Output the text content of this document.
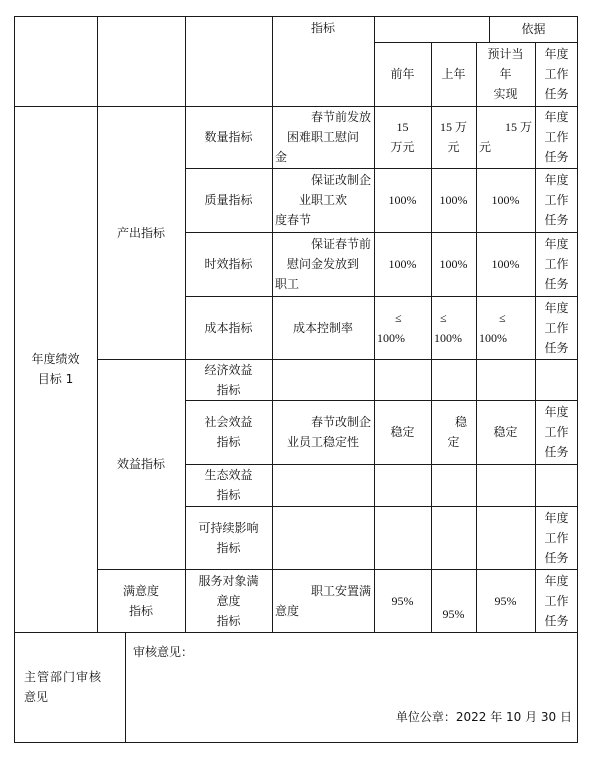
指标	依据
前年 上年
预计当
年
实现
年度
工作
任务
年度绩效
目标 1
产出指标
数量指标
春节前发放
困难职工慰问
金
15
万元
15 万
元
15 万
元
年度
工作
任务
质量指标
保证改制企
业职工欢
度春节
100% 100% 100%
年度
工作
任务
时效指标
保证春节前
慰问金发放到
职工
100% 100% 100%
年度
工作
任务
成本指标	成本控制率
≤
100%
≤
100%
≤
100%
年度
工作
任务
效益指标
经济效益
指标
社会效益
指标
春节改制企
业员工稳定性
稳定
稳
定
稳定
年度
工作
任务
生态效益
指标
可持续影响
指标
年度
工作
任务
满意度
指标
服务对象满
意度
指标
职工安置满
意度
95%
95%
95%
年度
工作
任务
主管部门审核
意见
审核意见：
单位公章：2022 年 10 月 30 日
